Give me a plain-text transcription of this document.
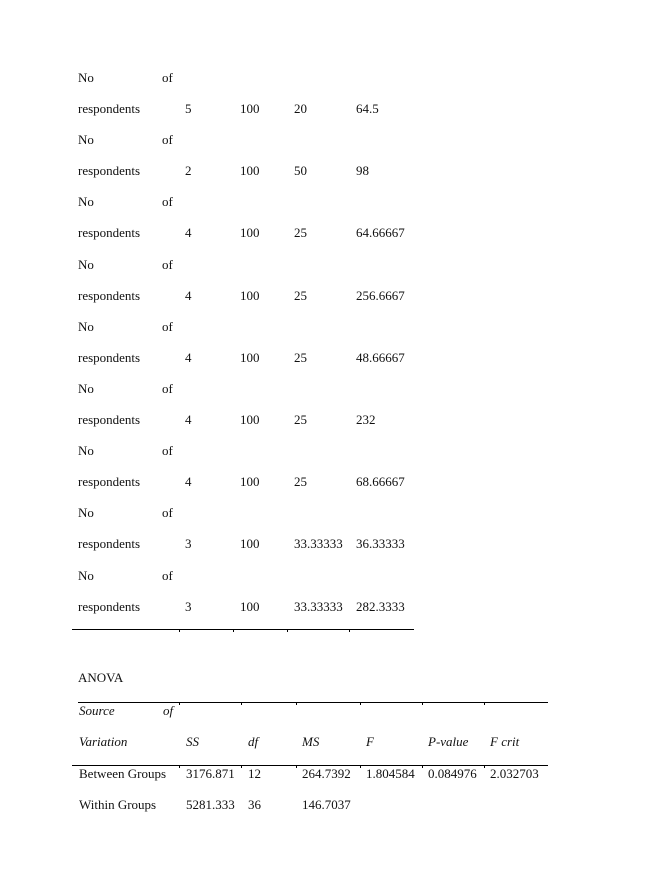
No	of
respondents	5	100	20	64.5
No	of
respondents	2	100	50	98
No	of
respondents	4	100	25	64.66667
No	of
respondents	4	100	25	256.6667
No	of
respondents	4	100	25	48.66667
No	of
respondents	4	100	25	232
No	of
respondents	4	100	25	68.66667
No	of
respondents	3	100	33.33333 36.33333
No	of
respondents	3	100	33.33333 282.3333
ANOVA
Source	of
Variation	SS	df	MS	F	P-value F crit
Between Groups 3176.871 12	264.7392 1.804584 0.084976 2.032703
Within Groups 5281.333 36	146.7037
